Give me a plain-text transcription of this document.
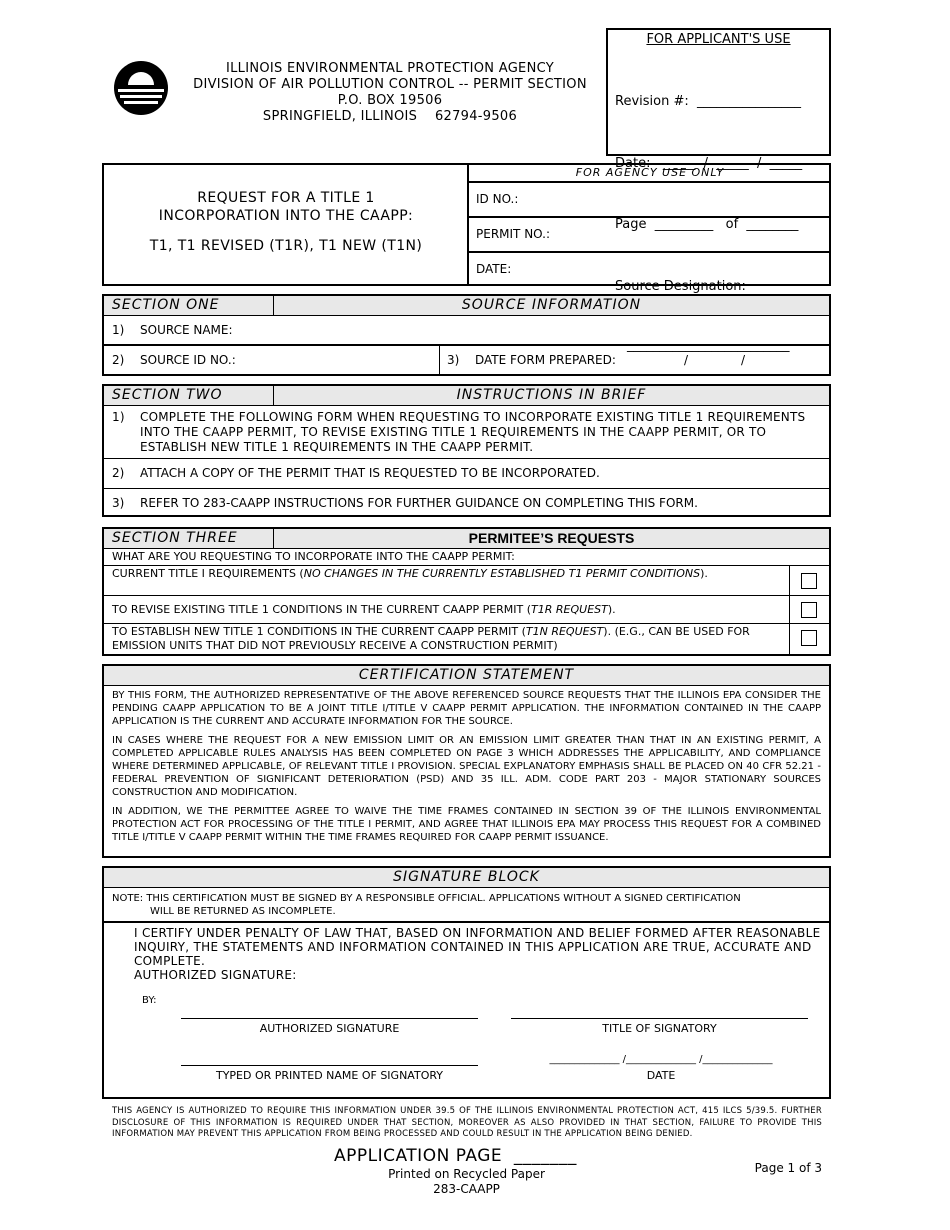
ILLINOIS ENVIRONMENTAL PROTECTION AGENCY
DIVISION OF AIR POLLUTION CONTROL -- PERMIT SECTION
P.O. BOX 19506
SPRINGFIELD, ILLINOIS    62794-9506
FOR APPLICANT'S USE

Revision #:  ________________

Date:   _____  /  _____  /  _____

Page  _________   of  ________

Source Designation:

_________________________

REQUEST FOR A TITLE 1
INCORPORATION INTO THE CAAPP:
T1, T1 REVISED (T1R), T1 NEW (T1N)
FOR AGENCY USE ONLY
ID NO.:
PERMIT NO.:
DATE:
SECTION ONE	SOURCE INFORMATION
1) SOURCE NAME:
2) SOURCE ID NO.:	3) DATE FORM PREPARED:	/	/
SECTION TWO	INSTRUCTIONS IN BRIEF
1) COMPLETE THE FOLLOWING FORM WHEN REQUESTING TO INCORPORATE EXISTING TITLE 1 REQUIREMENTS INTO THE CAAPP PERMIT, TO REVISE EXISTING TITLE 1 REQUIREMENTS IN THE CAAPP PERMIT, OR TO ESTABLISH NEW TITLE 1 REQUIREMENTS IN THE CAAPP PERMIT.
2) ATTACH A COPY OF THE PERMIT THAT IS REQUESTED TO BE INCORPORATED.
3) REFER TO 283-CAAPP INSTRUCTIONS FOR FURTHER GUIDANCE ON COMPLETING THIS FORM.
SECTION THREE	PERMITEE’S REQUESTS
WHAT ARE YOU REQUESTING TO INCORPORATE INTO THE CAAPP PERMIT:
CURRENT TITLE I REQUIREMENTS (NO CHANGES IN THE CURRENTLY ESTABLISHED T1 PERMIT CONDITIONS).
TO REVISE EXISTING TITLE 1 CONDITIONS IN THE CURRENT CAAPP PERMIT (T1R REQUEST).
TO ESTABLISH NEW TITLE 1 CONDITIONS IN THE CURRENT CAAPP PERMIT (T1N REQUEST). (E.G., CAN BE USED FOR EMISSION UNITS THAT DID NOT PREVIOUSLY RECEIVE A CONSTRUCTION PERMIT)
CERTIFICATION STATEMENT
BY THIS FORM, THE AUTHORIZED REPRESENTATIVE OF THE ABOVE REFERENCED SOURCE REQUESTS THAT THE ILLINOIS EPA CONSIDER THE PENDING CAAPP APPLICATION TO BE A JOINT TITLE I/TITLE V CAAPP PERMIT APPLICATION. THE INFORMATION CONTAINED IN THE CAAPP APPLICATION IS THE CURRENT AND ACCURATE INFORMATION FOR THE SOURCE.
IN CASES WHERE THE REQUEST FOR A NEW EMISSION LIMIT OR AN EMISSION LIMIT GREATER THAN THAT IN AN EXISTING PERMIT, A COMPLETED APPLICABLE RULES ANALYSIS HAS BEEN COMPLETED ON PAGE 3 WHICH ADDRESSES THE APPLICABILITY, AND COMPLIANCE WHERE DETERMINED APPLICABLE, OF RELEVANT TITLE I PROVISION. SPECIAL EXPLANATORY EMPHASIS SHALL BE PLACED ON 40 CFR 52.21 - FEDERAL PREVENTION OF SIGNIFICANT DETERIORATION (PSD) AND 35 ILL. ADM. CODE PART 203 - MAJOR STATIONARY SOURCES CONSTRUCTION AND MODIFICATION.
IN ADDITION, WE THE PERMITTEE AGREE TO WAIVE THE TIME FRAMES CONTAINED IN SECTION 39 OF THE ILLINOIS ENVIRONMENTAL PROTECTION ACT FOR PROCESSING OF THE TITLE I PERMIT, AND AGREE THAT ILLINOIS EPA MAY PROCESS THIS REQUEST FOR A COMBINED TITLE I/TITLE V CAAPP PERMIT WITHIN THE TIME FRAMES REQUIRED FOR CAAPP PERMIT ISSUANCE.
SIGNATURE BLOCK
NOTE: THIS CERTIFICATION MUST BE SIGNED BY A RESPONSIBLE OFFICIAL. APPLICATIONS WITHOUT A SIGNED CERTIFICATION
WILL BE RETURNED AS INCOMPLETE.
I CERTIFY UNDER PENALTY OF LAW THAT, BASED ON INFORMATION AND BELIEF FORMED AFTER REASONABLE INQUIRY, THE STATEMENTS AND INFORMATION CONTAINED IN THIS APPLICATION ARE TRUE, ACCURATE AND COMPLETE.
AUTHORIZED SIGNATURE:
BY:
AUTHORIZED SIGNATURE	TITLE OF SIGNATORY
TYPED OR PRINTED NAME OF SIGNATORY
______________ /______________ /______________
DATE
THIS AGENCY IS AUTHORIZED TO REQUIRE THIS INFORMATION UNDER 39.5 OF THE ILLINOIS ENVIRONMENTAL PROTECTION ACT, 415 ILCS 5/39.5. FURTHER DISCLOSURE OF THIS INFORMATION IS REQUIRED UNDER THAT SECTION, MOREOVER AS ALSO PROVIDED IN THAT SECTION, FAILURE TO PROVIDE THIS INFORMATION MAY PREVENT THIS APPLICATION FROM BEING PROCESSED AND COULD RESULT IN THE APPLICATION BEING DENIED.
APPLICATION PAGE  _______
Printed on Recycled Paper
283-CAAPP
Page 1 of 3
